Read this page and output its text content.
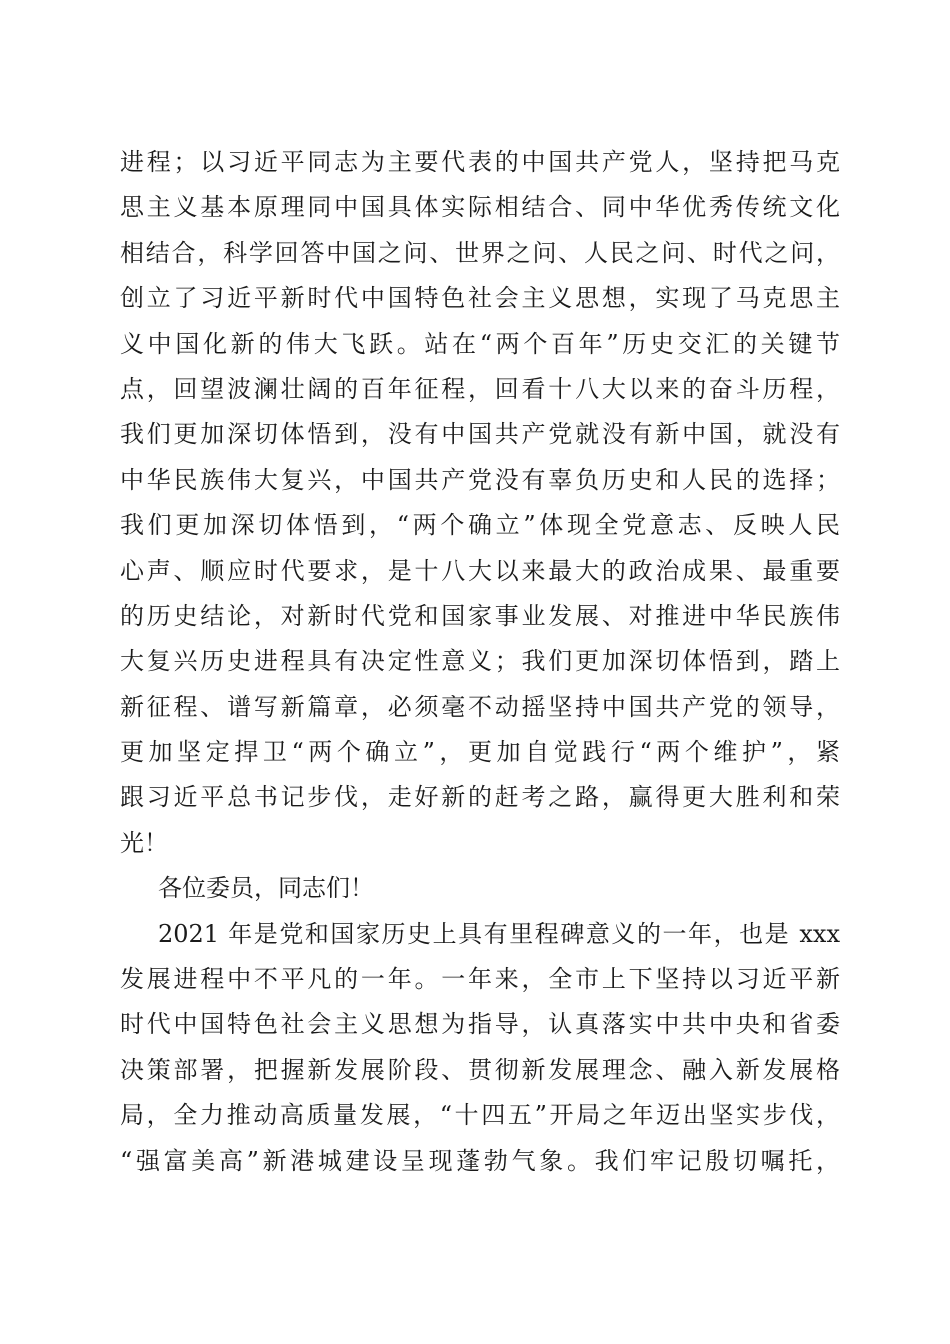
进程；以习近平同志为主要代表的中国共产党人，坚持把马克
思主义基本原理同中国具体实际相结合、同中华优秀传统文化
相结合，科学回答中国之问、世界之问、人民之问、时代之问，
创立了习近平新时代中国特色社会主义思想，实现了马克思主
义中国化新的伟大飞跃。站在“两个百年”历史交汇的关键节
点，回望波澜壮阔的百年征程，回看十八大以来的奋斗历程，
我们更加深切体悟到，没有中国共产党就没有新中国，就没有
中华民族伟大复兴，中国共产党没有辜负历史和人民的选择；
我们更加深切体悟到，“两个确立”体现全党意志、反映人民
心声、顺应时代要求，是十八大以来最大的政治成果、最重要
的历史结论，对新时代党和国家事业发展、对推进中华民族伟
大复兴历史进程具有决定性意义；我们更加深切体悟到，踏上
新征程、谱写新篇章，必须毫不动摇坚持中国共产党的领导，
更加坚定捍卫“两个确立”，更加自觉践行“两个维护”，紧
跟习近平总书记步伐，走好新的赶考之路，赢得更大胜利和荣
光！
各位委员，同志们！
2021 年是党和国家历史上具有里程碑意义的一年，也是 xxx
发展进程中不平凡的一年。一年来，全市上下坚持以习近平新
时代中国特色社会主义思想为指导，认真落实中共中央和省委
决策部署，把握新发展阶段、贯彻新发展理念、融入新发展格
局，全力推动高质量发展，“十四五”开局之年迈出坚实步伐，
“强富美高”新港城建设呈现蓬勃气象。我们牢记殷切嘱托，
